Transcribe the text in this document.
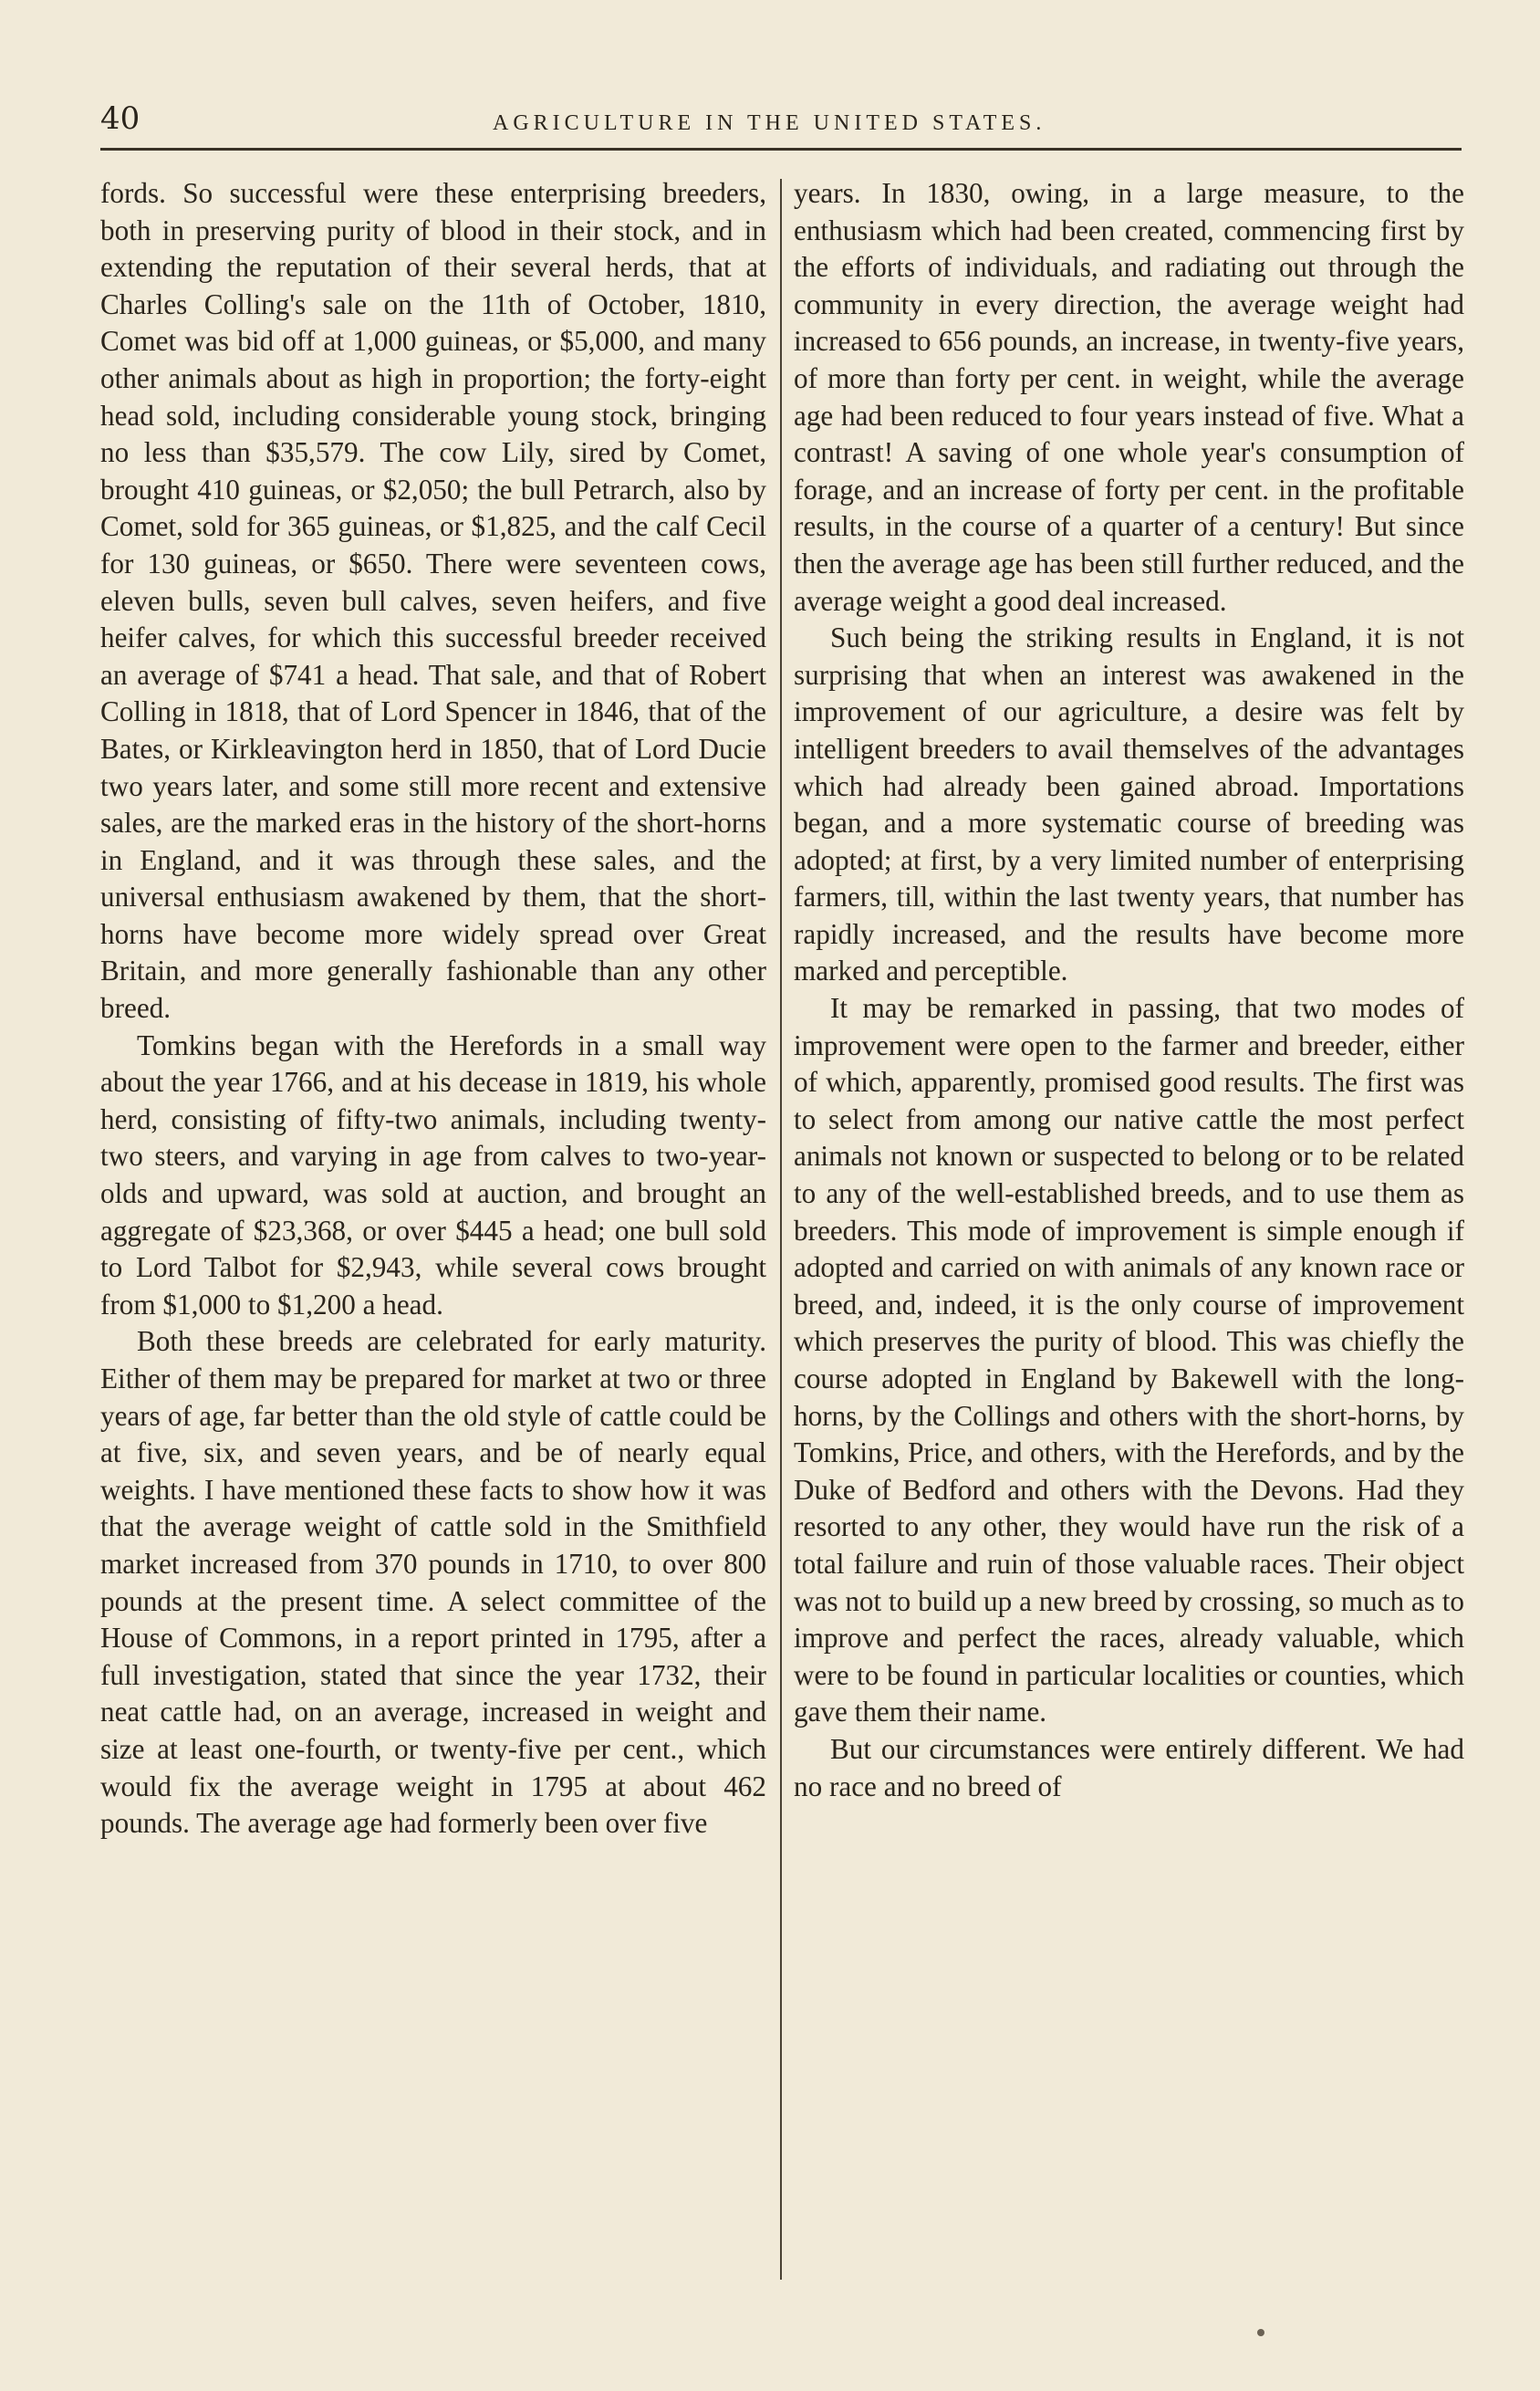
40	AGRICULTURE IN THE UNITED STATES.

fords. So successful were these enterprising breeders, both in preserving purity of blood in their stock, and in extending the reputation of their several herds, that at Charles Colling's sale on the 11th of October, 1810, Comet was bid off at 1,000 guineas, or $5,000, and many other animals about as high in proportion; the forty-eight head sold, including considerable young stock, bringing no less than $35,579. The cow Lily, sired by Comet, brought 410 guineas, or $2,050; the bull Petrarch, also by Comet, sold for 365 guineas, or $1,825, and the calf Cecil for 130 guineas, or $650. There were seventeen cows, eleven bulls, seven bull calves, seven heifers, and five heifer calves, for which this successful breeder received an average of $741 a head. That sale, and that of Robert Colling in 1818, that of Lord Spencer in 1846, that of the Bates, or Kirkleavington herd in 1850, that of Lord Ducie two years later, and some still more recent and extensive sales, are the marked eras in the history of the short-horns in England, and it was through these sales, and the universal enthusiasm awakened by them, that the short-horns have become more widely spread over Great Britain, and more generally fashionable than any other breed.

Tomkins began with the Herefords in a small way about the year 1766, and at his decease in 1819, his whole herd, consisting of fifty-two animals, including twenty-two steers, and varying in age from calves to two-year-olds and upward, was sold at auction, and brought an aggregate of $23,368, or over $445 a head; one bull sold to Lord Talbot for $2,943, while several cows brought from $1,000 to $1,200 a head.

Both these breeds are celebrated for early maturity. Either of them may be prepared for market at two or three years of age, far better than the old style of cattle could be at five, six, and seven years, and be of nearly equal weights. I have mentioned these facts to show how it was that the average weight of cattle sold in the Smithfield market increased from 370 pounds in 1710, to over 800 pounds at the present time. A select committee of the House of Commons, in a report printed in 1795, after a full investigation, stated that since the year 1732, their neat cattle had, on an average, increased in weight and size at least one-fourth, or twenty-five per cent., which would fix the average weight in 1795 at about 462 pounds. The average age had formerly been over five

years. In 1830, owing, in a large measure, to the enthusiasm which had been created, commencing first by the efforts of individuals, and radiating out through the community in every direction, the average weight had increased to 656 pounds, an increase, in twenty-five years, of more than forty per cent. in weight, while the average age had been reduced to four years instead of five. What a contrast! A saving of one whole year's consumption of forage, and an increase of forty per cent. in the profitable results, in the course of a quarter of a century! But since then the average age has been still further reduced, and the average weight a good deal increased.

Such being the striking results in England, it is not surprising that when an interest was awakened in the improvement of our agriculture, a desire was felt by intelligent breeders to avail themselves of the advantages which had already been gained abroad. Importations began, and a more systematic course of breeding was adopted; at first, by a very limited number of enterprising farmers, till, within the last twenty years, that number has rapidly increased, and the results have become more marked and perceptible.

It may be remarked in passing, that two modes of improvement were open to the farmer and breeder, either of which, apparently, promised good results. The first was to select from among our native cattle the most perfect animals not known or suspected to belong or to be related to any of the well-established breeds, and to use them as breeders. This mode of improvement is simple enough if adopted and carried on with animals of any known race or breed, and, indeed, it is the only course of improvement which preserves the purity of blood. This was chiefly the course adopted in England by Bakewell with the long-horns, by the Collings and others with the short-horns, by Tomkins, Price, and others, with the Herefords, and by the Duke of Bedford and others with the Devons. Had they resorted to any other, they would have run the risk of a total failure and ruin of those valuable races. Their object was not to build up a new breed by crossing, so much as to improve and perfect the races, already valuable, which were to be found in particular localities or counties, which gave them their name.

But our circumstances were entirely different. We had no race and no breed of
